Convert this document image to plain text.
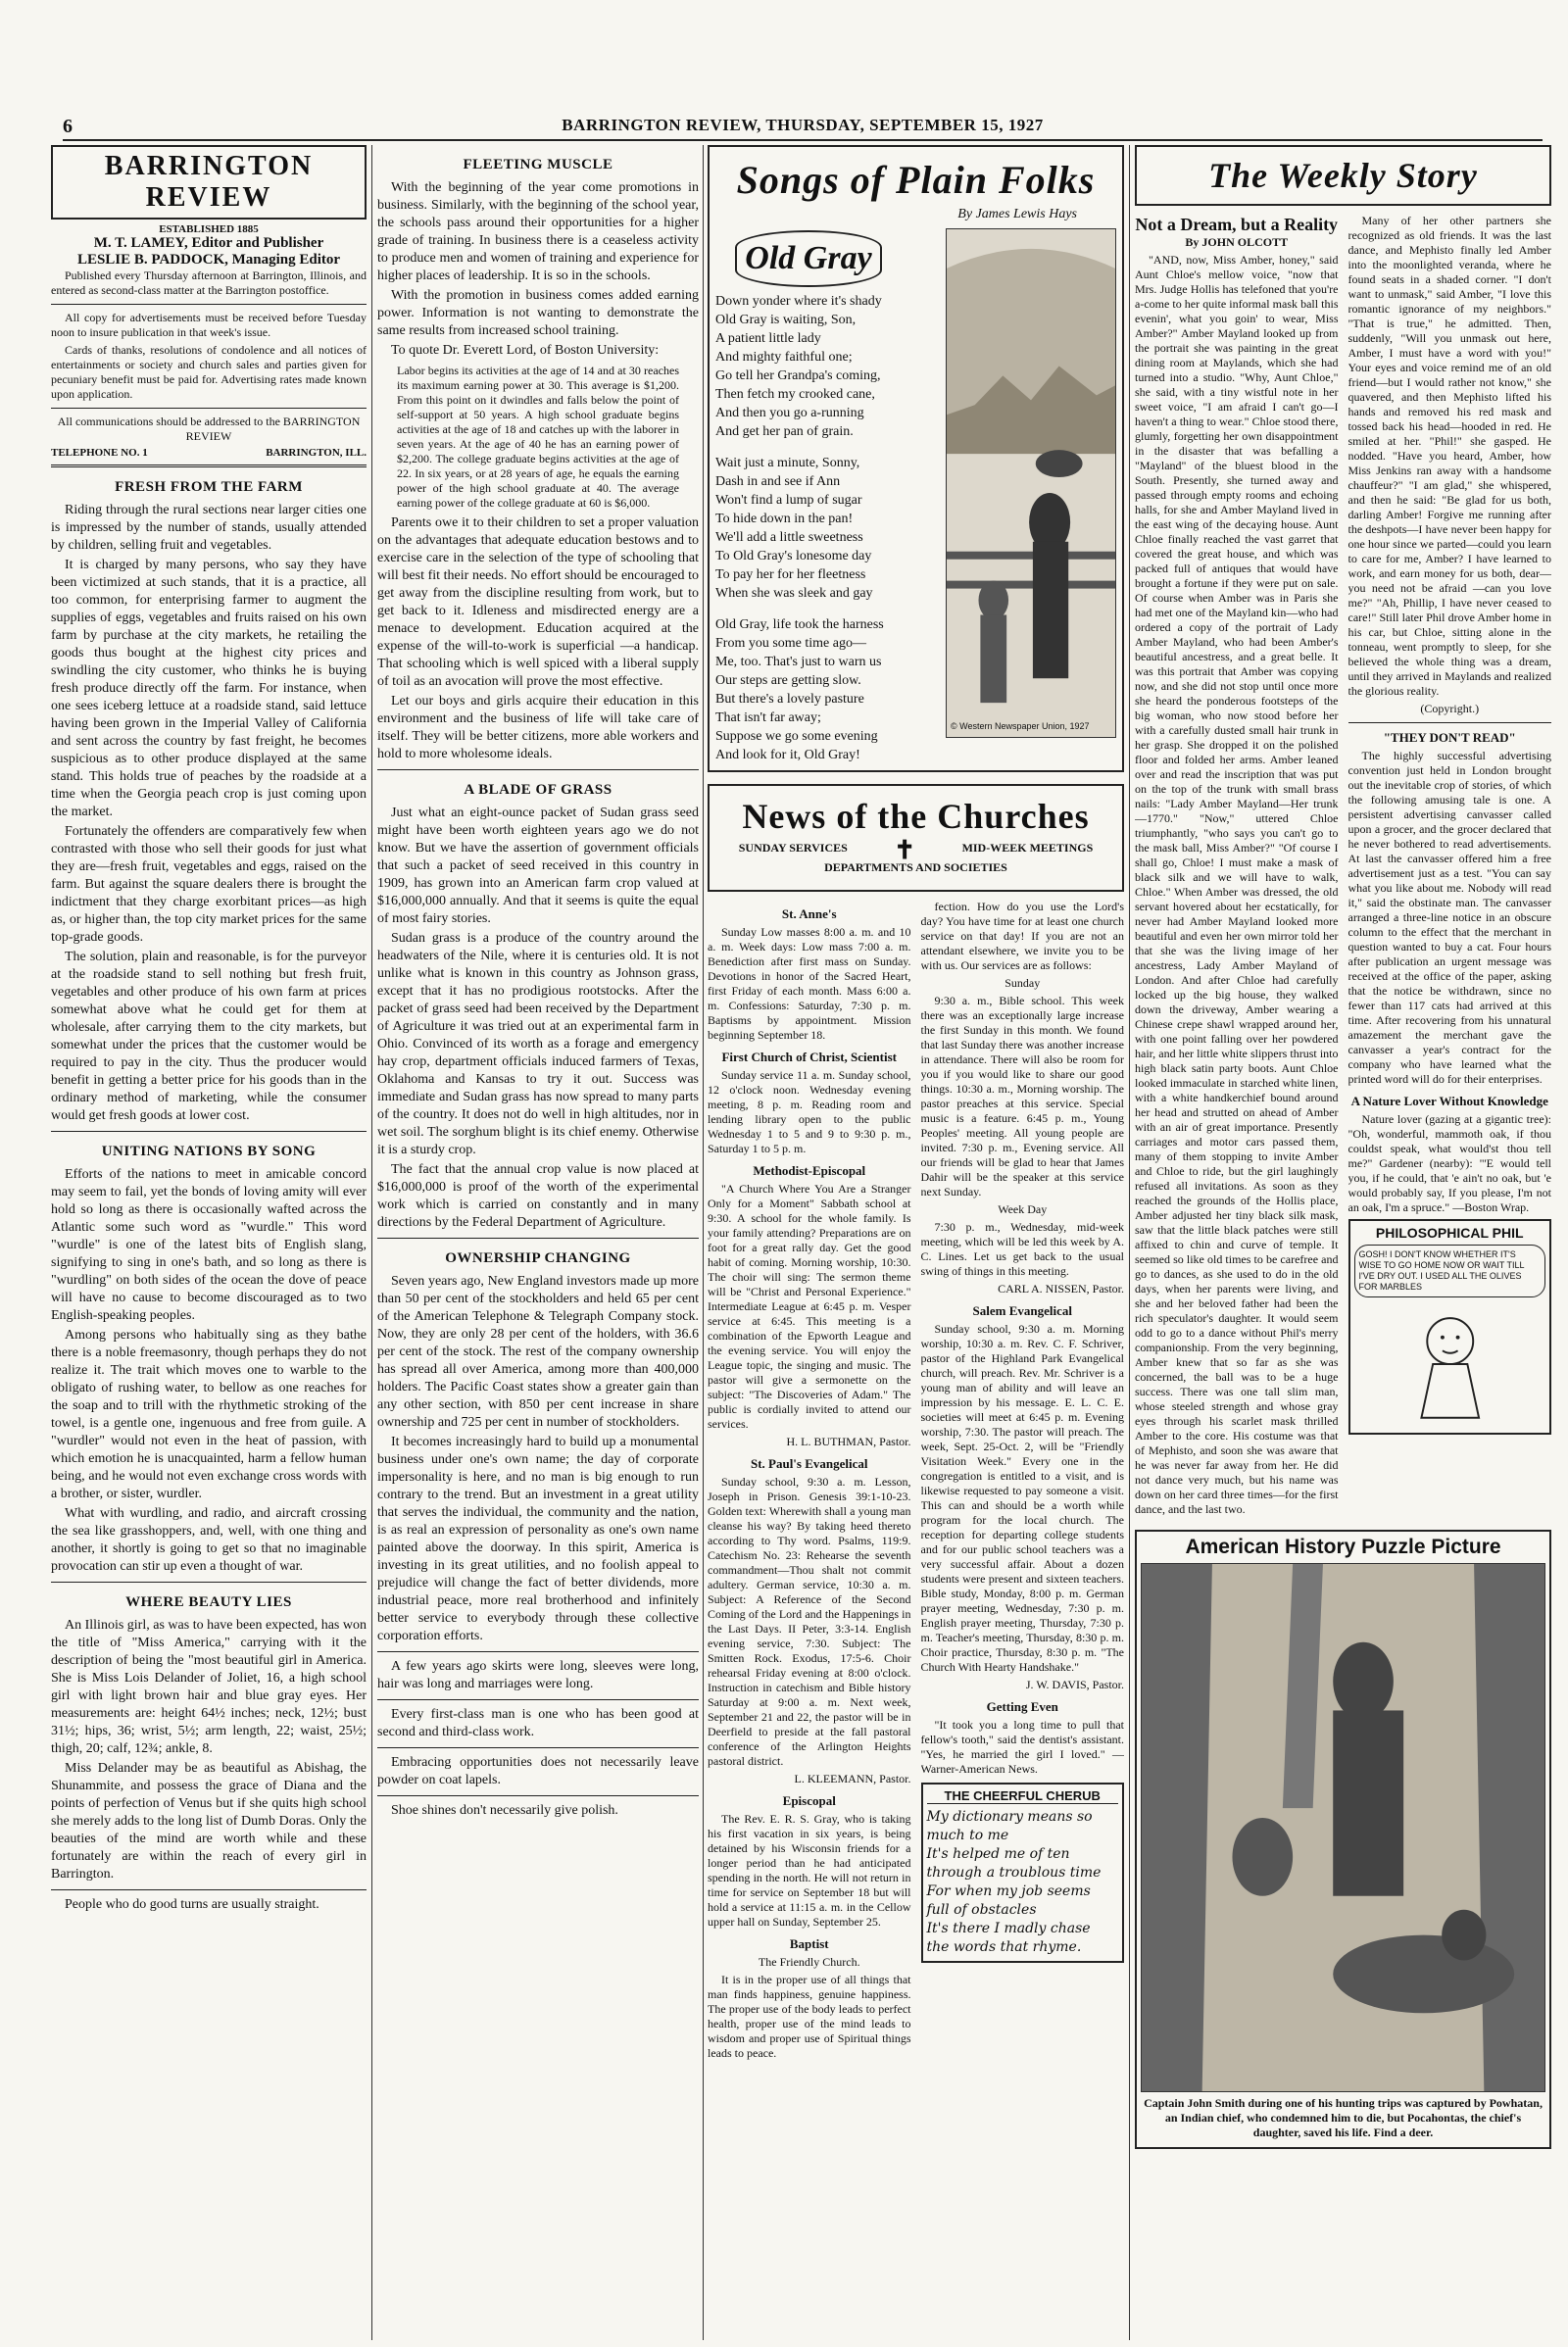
6	BARRINGTON REVIEW, THURSDAY, SEPTEMBER 15, 1927
BARRINGTON REVIEW
ESTABLISHED 1885
M. T. LAMEY, Editor and Publisher
LESLIE B. PADDOCK, Managing Editor

Published every Thursday afternoon at Barrington, Illinois, and entered as second-class matter at the Barrington postoffice.

All copy for advertisements must be received before Tuesday noon to insure publication in that week's issue.

Cards of thanks, resolutions of condolence and all notices of entertainments or society and church sales and parties given for pecuniary benefit must be paid for. Advertising rates made known upon application.

All communications should be addressed to the BARRINGTON REVIEW

TELEPHONE NO. 1	BARRINGTON, ILL.
FRESH FROM THE FARM

Riding through the rural sections near larger cities one is impressed by the number of stands, usually attended by children, selling fruit and vegetables.

It is charged by many persons, who say they have been victimized at such stands, that it is a practice, all too common, for enterprising farmer to augment the supplies of eggs, vegetables and fruits raised on his own farm by purchase at the city markets, he retailing the goods thus bought at the highest city prices and swindling the city customer, who thinks he is buying fresh produce directly off the farm. For instance, when one sees iceberg lettuce at a roadside stand, said lettuce having been grown in the Imperial Valley of California and sent across the country by fast freight, he becomes suspicious as to other produce displayed at the same stand. This holds true of peaches by the roadside at a time when the Georgia peach crop is just coming upon the market.

Fortunately the offenders are comparatively few when contrasted with those who sell their goods for just what they are—fresh fruit, vegetables and eggs, raised on the farm. But against the square dealers there is brought the indictment that they charge exorbitant prices—as high as, or higher than, the top city market prices for the same top-grade goods.

The solution, plain and reasonable, is for the purveyor at the roadside stand to sell nothing but fresh fruit, vegetables and other produce of his own farm at prices somewhat above what he could get for them at wholesale, after carrying them to the city markets, but somewhat under the prices that the customer would be required to pay in the city. Thus the producer would benefit in getting a better price for his goods than in the ordinary method of marketing, while the consumer would get fresh goods at lower cost.

UNITING NATIONS BY SONG

Efforts of the nations to meet in amicable concord may seem to fail, yet the bonds of loving amity will ever hold so long as there is occasionally wafted across the Atlantic some such word as "wurdle." This word "wurdle" is one of the latest bits of English slang, signifying to sing in one's bath, and so long as there is "wurdling" on both sides of the ocean the dove of peace will have no cause to become discouraged as to two English-speaking peoples.

Among persons who habitually sing as they bathe there is a noble freemasonry, though perhaps they do not realize it. The trait which moves one to warble to the obligato of rushing water, to bellow as one reaches for the soap and to trill with the rhythmetic stroking of the towel, is a gentle one, ingenuous and free from guile. A "wurdler" would not even in the heat of passion, with which emotion he is unacquainted, harm a fellow human being, and he would not even exchange cross words with a brother, or sister, wurdler.

What with wurdling, and radio, and aircraft crossing the sea like grasshoppers, and, well, with one thing and another, it shortly is going to get so that no imaginable provocation can stir up even a thought of war.

WHERE BEAUTY LIES

An Illinois girl, as was to have been expected, has won the title of "Miss America," carrying with it the description of being the "most beautiful girl in America. She is Miss Lois Delander of Joliet, 16, a high school girl with light brown hair and blue gray eyes. Her measurements are: height 64½ inches; neck, 12½; bust 31½; hips, 36; wrist, 5½; arm length, 22; waist, 25½; thigh, 20; calf, 12¾; ankle, 8.

Miss Delander may be as beautiful as Abishag, the Shunammite, and possess the grace of Diana and the points of perfection of Venus but if she quits high school she merely adds to the long list of Dumb Doras. Only the beauties of the mind are worth while and these fortunately are within the reach of every girl in Barrington.

People who do good turns are usually straight.

FLEETING MUSCLE

With the beginning of the year come promotions in business. Similarly, with the beginning of the school year, the schools pass around their opportunities for a higher grade of training. In business there is a ceaseless activity to produce men and women of training and experience for higher places of leadership. It is so in the schools.

With the promotion in business comes added earning power. Information is not wanting to demonstrate the same results from increased school training.

To quote Dr. Everett Lord, of Boston University:

Labor begins its activities at the age of 14 and at 30 reaches its maximum earning power at 30. This average is $1,200. From this point on it dwindles and falls below the point of self-support at 50 years. A high school graduate begins activities at the age of 18 and catches up with the laborer in seven years. At the age of 40 he has an earning power of $2,200. The college graduate begins activities at the age of 22. In six years, or at 28 years of age, he equals the earning power of the high school graduate at 40. The average earning power of the college graduate at 60 is $6,000.

Parents owe it to their children to set a proper valuation on the advantages that adequate education bestows and to exercise care in the selection of the type of schooling that will best fit their needs. No effort should be encouraged to get away from the discipline resulting from work, but to get back to it. Idleness and misdirected energy are a menace to development. Education acquired at the expense of the will-to-work is superficial —a handicap. That schooling which is well spiced with a liberal supply of toil as an avocation will prove the most effective.

Let our boys and girls acquire their education in this environment and the business of life will take care of itself. They will be better citizens, more able workers and hold to more wholesome ideals.

A BLADE OF GRASS

Just what an eight-ounce packet of Sudan grass seed might have been worth eighteen years ago we do not know. But we have the assertion of government officials that such a packet of seed received in this country in 1909, has grown into an American farm crop valued at $16,000,000 annually. And that it seems is quite the equal of most fairy stories.

Sudan grass is a produce of the country around the headwaters of the Nile, where it is centuries old. It is not unlike what is known in this country as Johnson grass, except that it has no prodigious rootstocks. After the packet of grass seed had been received by the Department of Agriculture it was tried out at an experimental farm in Ohio. Convinced of its worth as a forage and emergency hay crop, department officials induced farmers of Texas, Oklahoma and Kansas to try it out. Success was immediate and Sudan grass has now spread to many parts of the country. It does not do well in high altitudes, nor in wet soil. The sorghum blight is its chief enemy. Otherwise it is a sturdy crop.

The fact that the annual crop value is now placed at $16,000,000 is proof of the worth of the experimental work which is carried on constantly and in many directions by the Federal Department of Agriculture.

OWNERSHIP CHANGING

Seven years ago, New England investors made up more than 50 per cent of the stockholders and held 65 per cent of the American Telephone & Telegraph Company stock. Now, they are only 28 per cent of the holders, with 36.6 per cent of the stock. The rest of the company ownership has spread all over America, among more than 400,000 holders. The Pacific Coast states show a greater gain than any other section, with 850 per cent increase in share ownership and 725 per cent in number of stockholders.

It becomes increasingly hard to build up a monumental business under one's own name; the day of corporate impersonality is here, and no man is big enough to run contrary to the trend. But an investment in a great utility that serves the individual, the community and the nation, is as real an expression of personality as one's own name painted above the doorway. In this spirit, America is investing in its great utilities, and no foolish appeal to prejudice will change the fact of better dividends, more industrial peace, more real brotherhood and infinitely better service to everybody through these collective corporation efforts.

A few years ago skirts were long, sleeves were long, hair was long and marriages were long.

Every first-class man is one who has been good at second and third-class work.

Embracing opportunities does not necessarily leave powder on coat lapels.

Shoe shines don't necessarily give polish.

Songs of Plain Folks
By James Lewis Hays
Old Gray
Down yonder where it's shady
Old Gray is waiting, Son,
A patient little lady
And mighty faithful one;
Go tell her Grandpa's coming,
Then fetch my crooked cane,
And then you go a-running
And get her pan of grain.
Wait just a minute, Sonny,
Dash in and see if Ann
Won't find a lump of sugar
To hide down in the pan!
We'll add a little sweetness
To Old Gray's lonesome day
To pay her for her fleetness
When she was sleek and gay
Old Gray, life took the harness
From you some time ago—
Me, too. That's just to warn us
Our steps are getting slow.
But there's a lovely pasture
That isn't far away;
Suppose we go some evening
And look for it, Old Gray!
© Western Newspaper Union, 1927
News of the Churches
SUNDAY SERVICES ✝	MID-WEEK MEETINGS
DEPARTMENTS AND SOCIETIES
St. Anne's

Sunday Low masses 8:00 a. m. and 10 a. m. Week days: Low mass 7:00 a. m. Benediction after first mass on Sunday. Devotions in honor of the Sacred Heart, first Friday of each month. Mass 6:00 a. m. Confessions: Saturday, 7:30 p. m. Baptisms by appointment. Mission beginning September 18.

First Church of Christ, Scientist

Sunday service 11 a. m. Sunday school, 12 o'clock noon. Wednesday evening meeting, 8 p. m. Reading room and lending library open to the public Wednesday 1 to 5 and 9 to 9:30 p. m., Saturday 1 to 5 p. m.

Methodist-Episcopal

"A Church Where You Are a Stranger Only for a Moment" Sabbath school at 9:30. A school for the whole family. Is your family attending? Preparations are on foot for a great rally day. Get the good habit of coming. Morning worship, 10:30. The choir will sing: The sermon theme will be "Christ and Personal Experience." Intermediate League at 6:45 p. m. Vesper service at 6:45. This meeting is a combination of the Epworth League and the evening service. You will enjoy the League topic, the singing and music. The pastor will give a sermonette on the subject: "The Discoveries of Adam." The public is cordially invited to attend our services.

H. L. BUTHMAN, Pastor.
St. Paul's Evangelical

Sunday school, 9:30 a. m. Lesson, Joseph in Prison. Genesis 39:1-10-23. Golden text: Wherewith shall a young man cleanse his way? By taking heed thereto according to Thy word. Psalms, 119:9. Catechism No. 23: Rehearse the seventh commandment—Thou shalt not commit adultery. German service, 10:30 a. m. Subject: A Reference of the Second Coming of the Lord and the Happenings in the Last Days. II Peter, 3:3-14. English evening service, 7:30. Subject: The Smitten Rock. Exodus, 17:5-6. Choir rehearsal Friday evening at 8:00 o'clock. Instruction in catechism and Bible history Saturday at 9:00 a. m. Next week, September 21 and 22, the pastor will be in Deerfield to preside at the fall pastoral conference of the Arlington Heights pastoral district.

L. KLEEMANN, Pastor.
Episcopal

The Rev. E. R. S. Gray, who is taking his first vacation in six years, is being detained by his Wisconsin friends for a longer period than he had anticipated spending in the north. He will not return in time for service on September 18 but will hold a service at 11:15 a. m. in the Cellow upper hall on Sunday, September 25.

Baptist
The Friendly Church.

It is in the proper use of all things that man finds happiness, genuine happiness. The proper use of the body leads to perfect health, proper use of the mind leads to wisdom and proper use of Spiritual things leads to peace.

fection. How do you use the Lord's day? You have time for at least one church service on that day! If you are not an attendant elsewhere, we invite you to be with us. Our services are as follows:

Sunday

9:30 a. m., Bible school. This week there was an exceptionally large increase the first Sunday in this month. We found that last Sunday there was another increase in attendance. There will also be room for you if you would like to share our good things. 10:30 a. m., Morning worship. The pastor preaches at this service. Special music is a feature. 6:45 p. m., Young Peoples' meeting. All young people are invited. 7:30 p. m., Evening service. All our friends will be glad to hear that James Dahir will be the speaker at this service next Sunday.

Week Day

7:30 p. m., Wednesday, mid-week meeting, which will be led this week by A. C. Lines. Let us get back to the usual swing of things in this meeting.

CARL A. NISSEN, Pastor.
Salem Evangelical

Sunday school, 9:30 a. m. Morning worship, 10:30 a. m. Rev. C. F. Schriver, pastor of the Highland Park Evangelical church, will preach. Rev. Mr. Schriver is a young man of ability and will leave an impression by his message. E. L. C. E. societies will meet at 6:45 p. m. Evening worship, 7:30. The pastor will preach. The week, Sept. 25-Oct. 2, will be "Friendly Visitation Week." Every one in the congregation is entitled to a visit, and is likewise requested to pay someone a visit. This can and should be a worth while program for the local church. The reception for departing college students and for our public school teachers was a very successful affair. About a dozen students were present and sixteen teachers. Bible study, Monday, 8:00 p. m. German prayer meeting, Wednesday, 7:30 p. m. English prayer meeting, Thursday, 7:30 p. m. Teacher's meeting, Thursday, 8:30 p. m. Choir practice, Thursday, 8:30 p. m. "The Church With Hearty Handshake."

J. W. DAVIS, Pastor.
Getting Even

"It took you a long time to pull that fellow's tooth," said the dentist's assistant. "Yes, he married the girl I loved." —Warner-American News.

THE CHEERFUL CHERUB
My dictionary means so
much to me
It's helped me of ten
through a troublous time
For when my job seems
full of obstacles
It's there I madly chase
the words that rhyme.
The Weekly Story
Not a Dream, but a Reality
By JOHN OLCOTT

"AND, now, Miss Amber, honey," said Aunt Chloe's mellow voice, "now that Mrs. Judge Hollis has telefoned that you're a-come to her quite informal mask ball this evenin', what you goin' to wear, Miss Amber?" Amber Mayland looked up from the portrait she was painting in the great dining room at Maylands, which she had turned into a studio. "Why, Aunt Chloe," she said, with a tiny wistful note in her sweet voice, "I am afraid I can't go—I haven't a thing to wear." Chloe stood there, glumly, forgetting her own disappointment in the disaster that was befalling a "Mayland" of the bluest blood in the South. Presently, she turned away and passed through empty rooms and echoing halls, for she and Amber Mayland lived in the east wing of the decaying house. Aunt Chloe finally reached the vast garret that covered the great house, and which was packed full of antiques that would have brought a fortune if they were put on sale. Of course when Amber was in Paris she had met one of the Mayland kin—who had ordered a copy of the portrait of Lady Amber Mayland, who had been Amber's beautiful ancestress, and a great belle. It was this portrait that Amber was copying now, and she did not stop until once more she heard the ponderous footsteps of the big woman, who now stood before her with a carefully dusted small hair trunk in her grasp. She dropped it on the polished floor and folded her arms. Amber leaned over and read the inscription that was put on the top of the trunk with small brass nails: "Lady Amber Mayland—Her trunk—1770." "Now," uttered Chloe triumphantly, "who says you can't go to the mask ball, Miss Amber?" "Of course I shall go, Chloe! I must make a mask of black silk and we will have to walk, Chloe." When Amber was dressed, the old servant hovered about her ecstatically, for never had Amber Mayland looked more beautiful and even her own mirror told her that she was the living image of her ancestress, Lady Amber Mayland of London. And after Chloe had carefully locked up the big house, they walked down the driveway, Amber wearing a Chinese crepe shawl wrapped around her, with one point falling over her powdered hair, and her little white slippers thrust into high black satin party boots. Aunt Chloe looked immaculate in starched white linen, with a white handkerchief bound around her head and strutted on ahead of Amber with an air of great importance. Presently carriages and motor cars passed them, many of them stopping to invite Amber and Chloe to ride, but the girl laughingly refused all invitations. As soon as they reached the grounds of the Hollis place, Amber adjusted her tiny black silk mask, saw that the little black patches were still affixed to chin and curve of temple. It seemed so like old times to be carefree and go to dances, as she used to do in the old days, when her parents were living, and she and her beloved father had been the rich speculator's daughter. It would seem odd to go to a dance without Phil's merry companionship. From the very beginning, Amber knew that so far as she was concerned, the ball was to be a huge success. There was one tall slim man, whose steeled strength and whose gray eyes through his scarlet mask thrilled Amber to the core. His costume was that of Mephisto, and soon she was aware that he was never far away from her. He did not dance very much, but his name was down on her card three times—for the first dance, and the last two.

Many of her other partners she recognized as old friends. It was the last dance, and Mephisto finally led Amber into the moonlighted veranda, where he found seats in a shaded corner. "I don't want to unmask," said Amber, "I love this romantic ignorance of my neighbors." "That is true," he admitted. Then, suddenly, "Will you unmask out here, Amber, I must have a word with you!" Your eyes and voice remind me of an old friend—but I would rather not know," she quavered, and then Mephisto lifted his hands and removed his red mask and tossed back his head—hooded in red. He smiled at her. "Phil!" she gasped. He nodded. "Have you heard, Amber, how Miss Jenkins ran away with a handsome chauffeur?" "I am glad," she whispered, and then he said: "Be glad for us both, darling Amber! Forgive me running after the deshpots—I have never been happy for one hour since we parted—could you learn to care for me, Amber? I have learned to work, and earn money for us both, dear—you need not be afraid —can you love me?" "Ah, Phillip, I have never ceased to care!" Still later Phil drove Amber home in his car, but Chloe, sitting alone in the tonneau, went promptly to sleep, for she believed the whole thing was a dream, until they arrived in Maylands and realized the glorious reality.

(Copyright.)
"THEY DON'T READ"

The highly successful advertising convention just held in London brought out the inevitable crop of stories, of which the following amusing tale is one. A persistent advertising canvasser called upon a grocer, and the grocer declared that he never bothered to read advertisements. At last the canvasser offered him a free advertisement just as a test. "You can say what you like about me. Nobody will read it," said the obstinate man. The canvasser arranged a three-line notice in an obscure column to the effect that the merchant in question wanted to buy a cat. Four hours after publication an urgent message was received at the office of the paper, asking that the notice be withdrawn, since no fewer than 117 cats had arrived at this time. After recovering from his unnatural amazement the merchant gave the canvasser a year's contract for the company who have learned what the printed word will do for their enterprises.

A Nature Lover Without Knowledge

Nature lover (gazing at a gigantic tree): "Oh, wonderful, mammoth oak, if thou couldst speak, what would'st thou tell me?" Gardener (nearby): "'E would tell you, if he could, that 'e ain't no oak, but 'e would probably say, If you please, I'm not an oak, I'm a spruce." —Boston Wrap.

PHILOSOPHICAL PHIL
GOSH! I DON'T KNOW WHETHER IT'S WISE TO GO HOME NOW OR WAIT TILL I'VE DRY OUT. I USED ALL THE OLIVES FOR MARBLES
American History Puzzle Picture
Captain John Smith during one of his hunting trips was captured by Powhatan, an Indian chief, who condemned him to die, but Pocahontas, the chief's daughter, saved his life. Find a deer.
